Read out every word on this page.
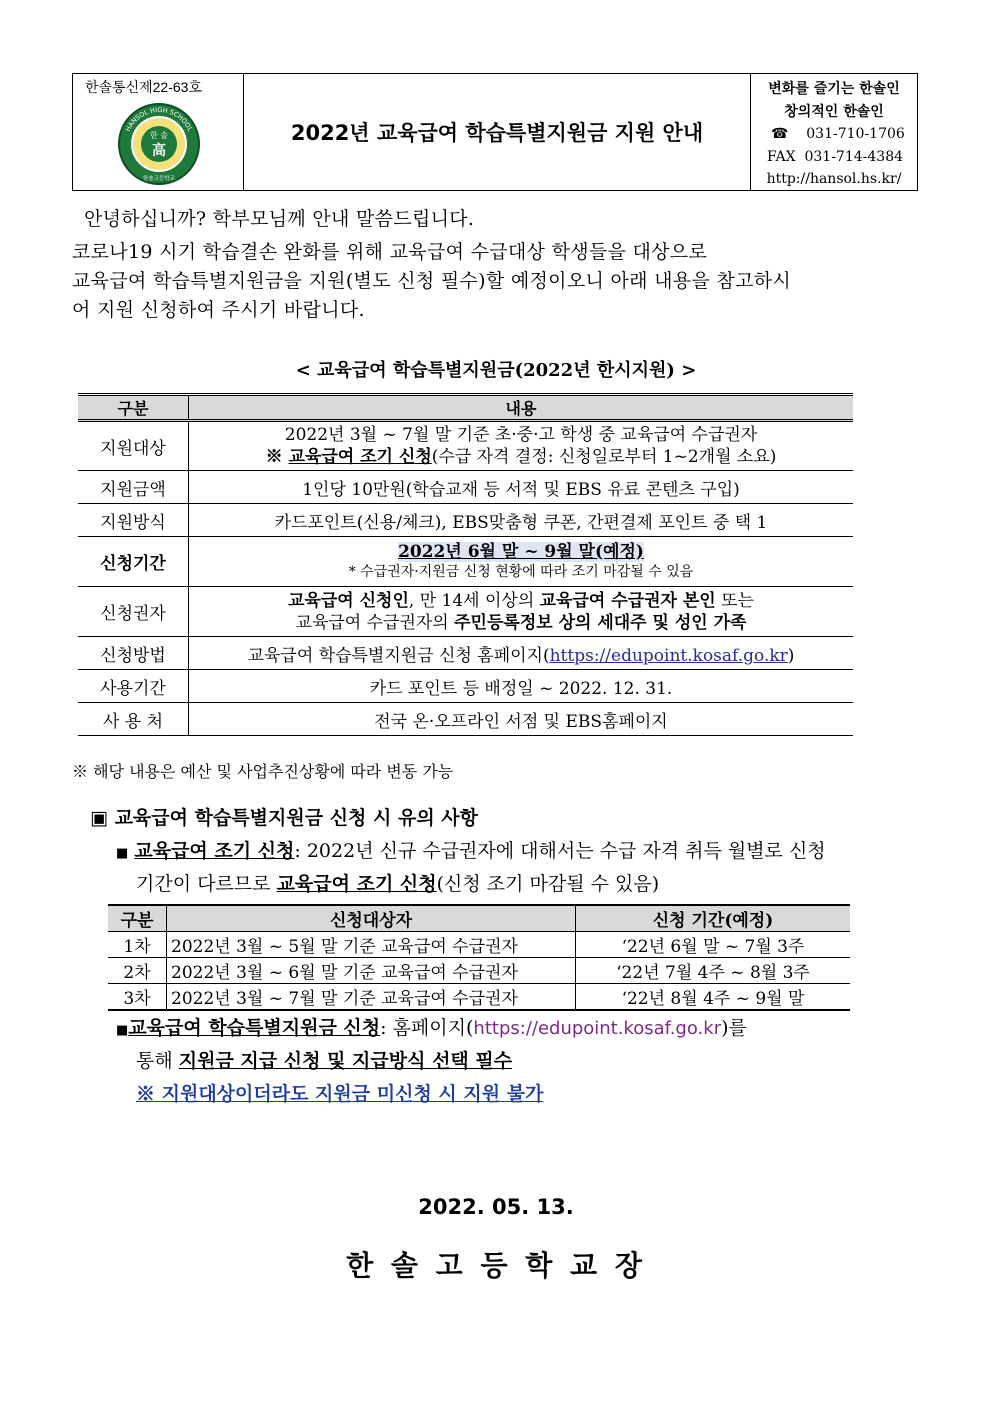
한솔통신제22-63호
한 솔
高
HANSOL HIGH SCHOOL
한솔고등학교
2022년 교육급여 학습특별지원금 지원 안내
변화를 즐기는 한솔인
창의적인 한솔인
☎ 031-710-1706
FAX 031-714-4384
http://hansol.hs.kr/
안녕하십니까? 학부모님께 안내 말씀드립니다.
코로나19 시기 학습결손 완화를 위해 교육급여 수급대상 학생들을 대상으로
교육급여 학습특별지원금을 지원(별도 신청 필수)할 예정이오니 아래 내용을 참고하시
어 지원 신청하여 주시기 바랍니다.
< 교육급여 학습특별지원금(2022년 한시지원) >
구분	내용
지원대상	2022년 3월 ~ 7월 말 기준 초·중·고 학생 중 교육급여 수급권자
※ 교육급여 조기 신청(수급 자격 결정: 신청일로부터 1~2개월 소요)

지원금액	1인당 10만원(학습교재 등 서적 및 EBS 유료 콘텐츠 구입)
지원방식	카드포인트(신용/체크), EBS맞춤형 쿠폰, 간편결제 포인트 중 택 1
신청기간	2022년 6월 말 ~ 9월 말(예정)
* 수급권자·지원금 신청 현황에 따라 조기 마감될 수 있음

신청권자	교육급여 신청인, 만 14세 이상의 교육급여 수급권자 본인 또는
교육급여 수급권자의 주민등록정보 상의 세대주 및 성인 가족

신청방법	교육급여 학습특별지원금 신청 홈페이지(https://edupoint.kosaf.go.kr)
사용기간	카드 포인트 등 배정일 ~ 2022. 12. 31.
사 용 처	전국 온·오프라인 서점 및 EBS홈페이지
※ 해당 내용은 예산 및 사업추진상황에 따라 변동 가능
▣ 교육급여 학습특별지원금 신청 시 유의 사항
■ 교육급여 조기 신청: 2022년 신규 수급권자에 대해서는 수급 자격 취득 월별로 신청
기간이 다르므로 교육급여 조기 신청(신청 조기 마감될 수 있음)
구분	신청대상자	신청 기간(예정)
1차	2022년 3월 ~ 5월 말 기준 교육급여 수급권자	‘22년 6월 말 ~ 7월 3주
2차	2022년 3월 ~ 6월 말 기준 교육급여 수급권자	‘22년 7월 4주 ~ 8월 3주
3차	2022년 3월 ~ 7월 말 기준 교육급여 수급권자	‘22년 8월 4주 ~ 9월 말
■교육급여 학습특별지원금 신청: 홈페이지(https://edupoint.kosaf.go.kr)를
통해 지원금 지급 신청 및 지급방식 선택 필수
※ 지원대상이더라도 지원금 미신청 시 지원 불가
2022. 05. 13.
한 솔 고 등 학 교 장
